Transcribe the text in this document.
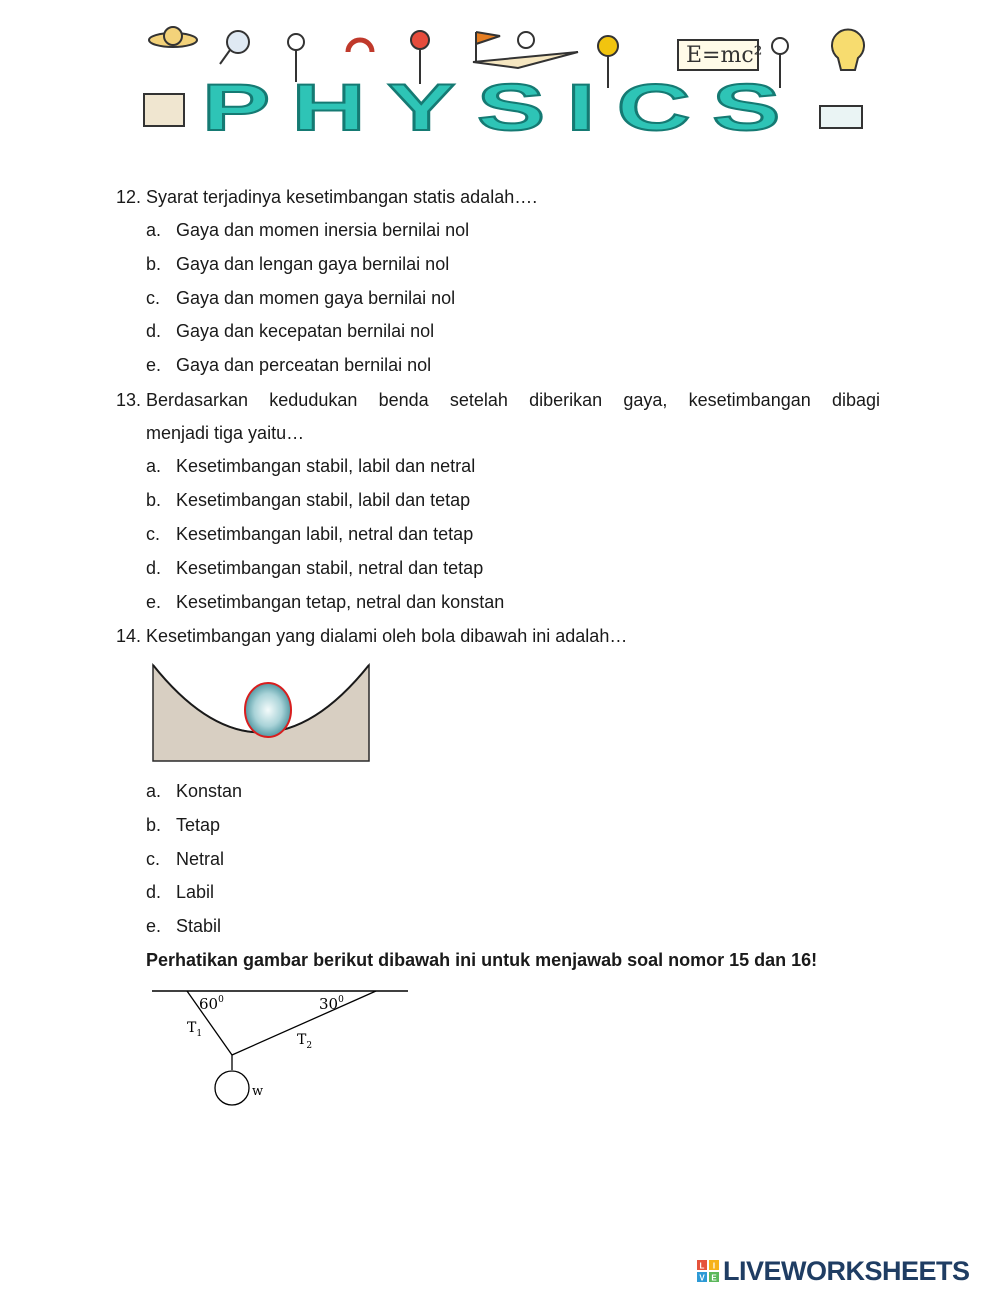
E=mc²
PHYSICS
12. Syarat terjadinya kesetimbangan statis adalah….
a. Gaya dan momen inersia bernilai nol
b. Gaya dan lengan gaya bernilai nol
c. Gaya dan momen gaya bernilai nol
d. Gaya dan kecepatan bernilai nol
e. Gaya dan perceatan bernilai nol
13. Berdasarkan kedudukan benda setelah diberikan gaya, kesetimbangan dibagi
menjadi tiga yaitu…
a. Kesetimbangan stabil, labil dan netral
b. Kesetimbangan stabil, labil dan tetap
c. Kesetimbangan labil, netral dan tetap
d. Kesetimbangan stabil, netral dan tetap
e. Kesetimbangan tetap, netral dan konstan
14. Kesetimbangan yang dialami oleh bola dibawah ini adalah…
a. Konstan
b. Tetap
c. Netral
d. Labil
e. Stabil
Perhatikan gambar berikut dibawah ini untuk menjawab soal nomor 15 dan 16!
$60^0$	$30^0$
$T_1$	$T_2$
w
L I
V E LIVEWORKSHEETS
